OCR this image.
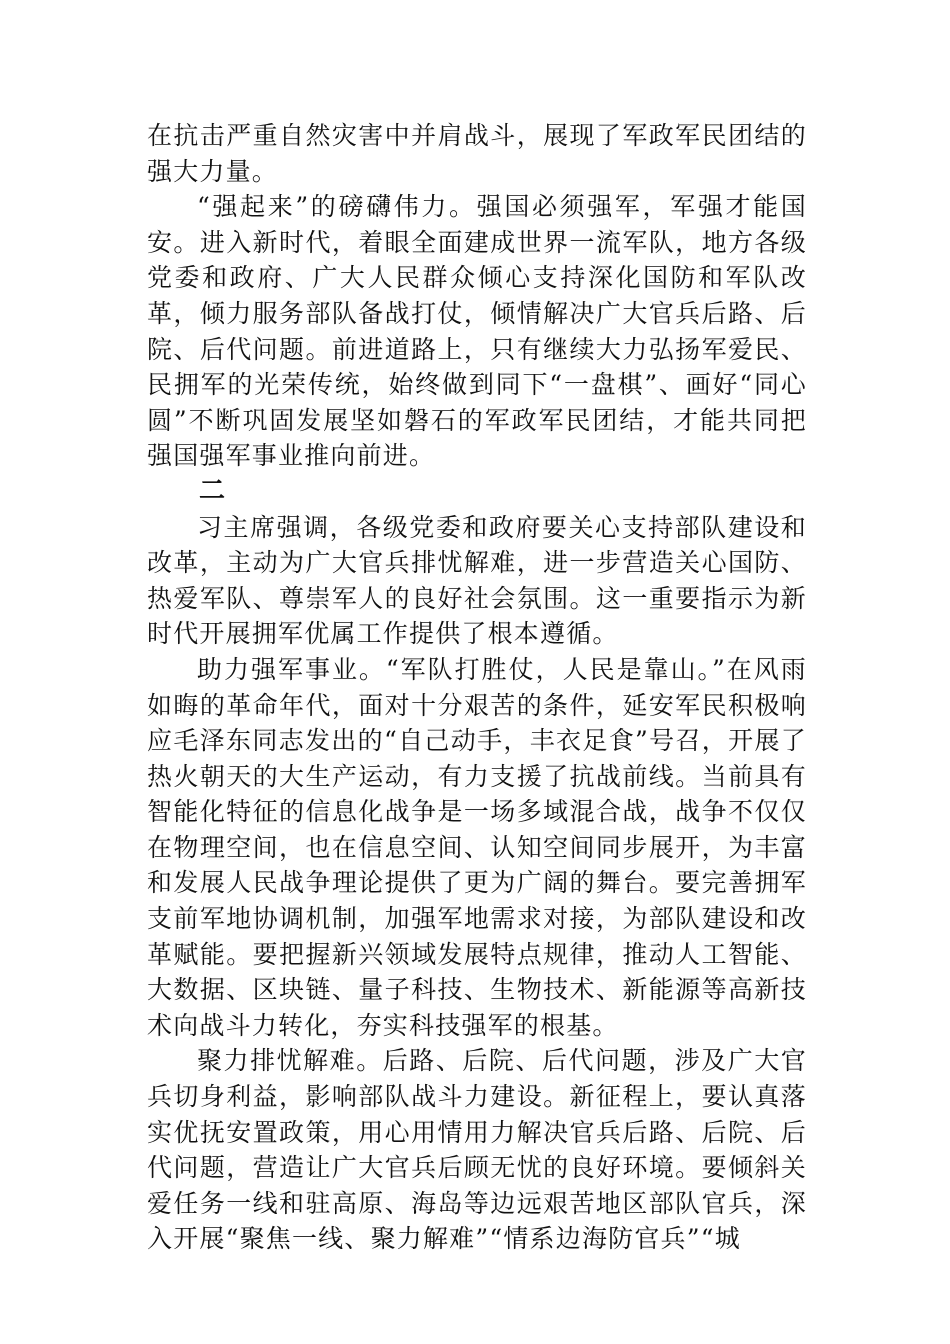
在抗击严重自然灾害中并肩战斗，展现了军政军民团结的强大力量。

“强起来”的磅礴伟力。强国必须强军，军强才能国安。进入新时代，着眼全面建成世界一流军队，地方各级党委和政府、广大人民群众倾心支持深化国防和军队改革，倾力服务部队备战打仗，倾情解决广大官兵后路、后院、后代问题。前进道路上，只有继续大力弘扬军爱民、民拥军的光荣传统，始终做到同下“一盘棋”、画好“同心圆”不断巩固发展坚如磐石的军政军民团结，才能共同把强国强军事业推向前进。

二

习主席强调，各级党委和政府要关心支持部队建设和改革，主动为广大官兵排忧解难，进一步营造关心国防、热爱军队、尊崇军人的良好社会氛围。这一重要指示为新时代开展拥军优属工作提供了根本遵循。

助力强军事业。“军队打胜仗，人民是靠山。”在风雨如晦的革命年代，面对十分艰苦的条件，延安军民积极响应毛泽东同志发出的“自己动手，丰衣足食”号召，开展了热火朝天的大生产运动，有力支援了抗战前线。当前具有智能化特征的信息化战争是一场多域混合战，战争不仅仅在物理空间，也在信息空间、认知空间同步展开，为丰富和发展人民战争理论提供了更为广阔的舞台。要完善拥军支前军地协调机制，加强军地需求对接，为部队建设和改革赋能。要把握新兴领域发展特点规律，推动人工智能、大数据、区块链、量子科技、生物技术、新能源等高新技术向战斗力转化，夯实科技强军的根基。

聚力排忧解难。后路、后院、后代问题，涉及广大官兵切身利益，影响部队战斗力建设。新征程上，要认真落实优抚安置政策，用心用情用力解决官兵后路、后院、后代问题，营造让广大官兵后顾无忧的良好环境。要倾斜关爱任务一线和驻高原、海岛等边远艰苦地区部队官兵，深入开展“聚焦一线、聚力解难”“情系边海防官兵”“城
